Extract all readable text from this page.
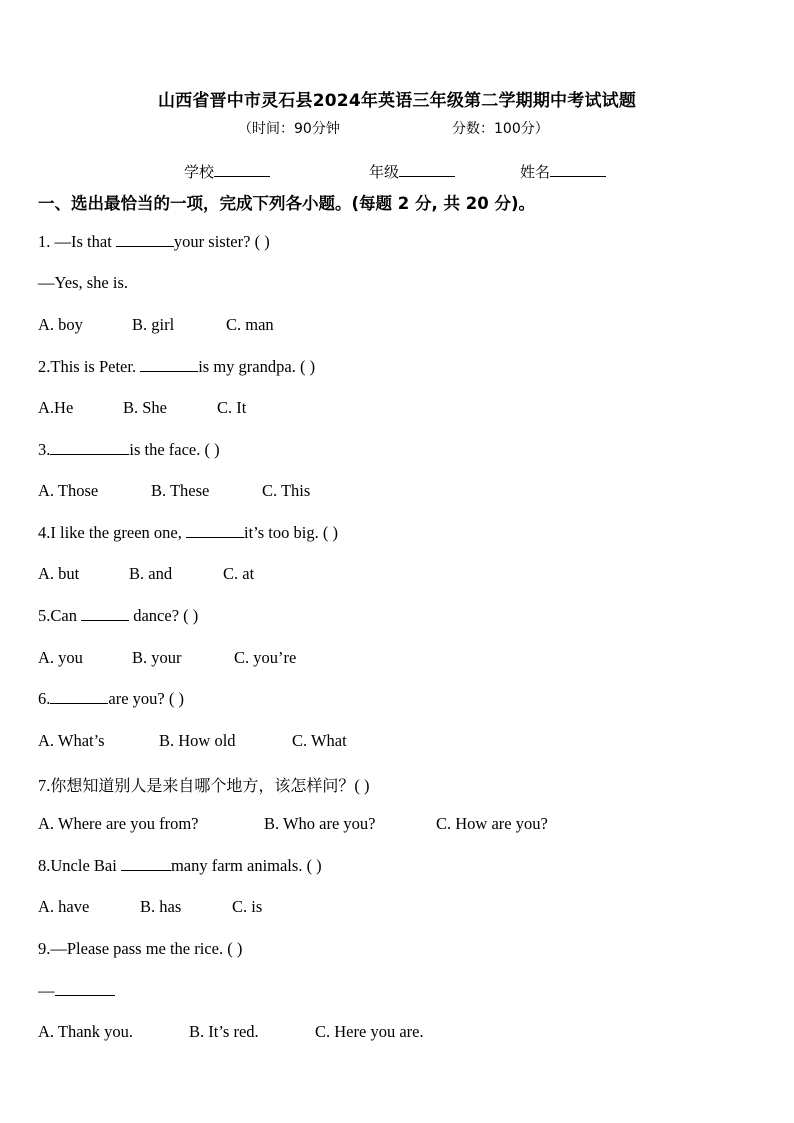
山西省晋中市灵石县2024年英语三年级第二学期期中考试试题
（时间：90分钟	分数：100分）
学校	年级	姓名
一、选出最恰当的一项，完成下列各小题。(每题 2 分, 共 20 分)。
1. —Is that	your sister? ( )
—Yes, she is.
A. boy	B. girl	C. man
2.This is Peter.	is my grandpa. ( )
A.He	B. She	C. It
3.	is the face. ( )
A. Those	B. These	C. This
4.I like the green one,	it’s too big. ( )
A. but	B. and	C. at
5.Can	dance? ( )
A. you	B. your	C. you’re
6.	are you? ( )
A. What’s	B. How old	C. What
7.你想知道别人是来自哪个地方，该怎样问？( )
A. Where are you from?	B. Who are you?	C. How are you?
8.Uncle Bai	many farm animals. ( )
A. have	B. has	C. is
9.—Please pass me the rice. ( )
—
A. Thank you.	B. It’s red.	C. Here you are.
